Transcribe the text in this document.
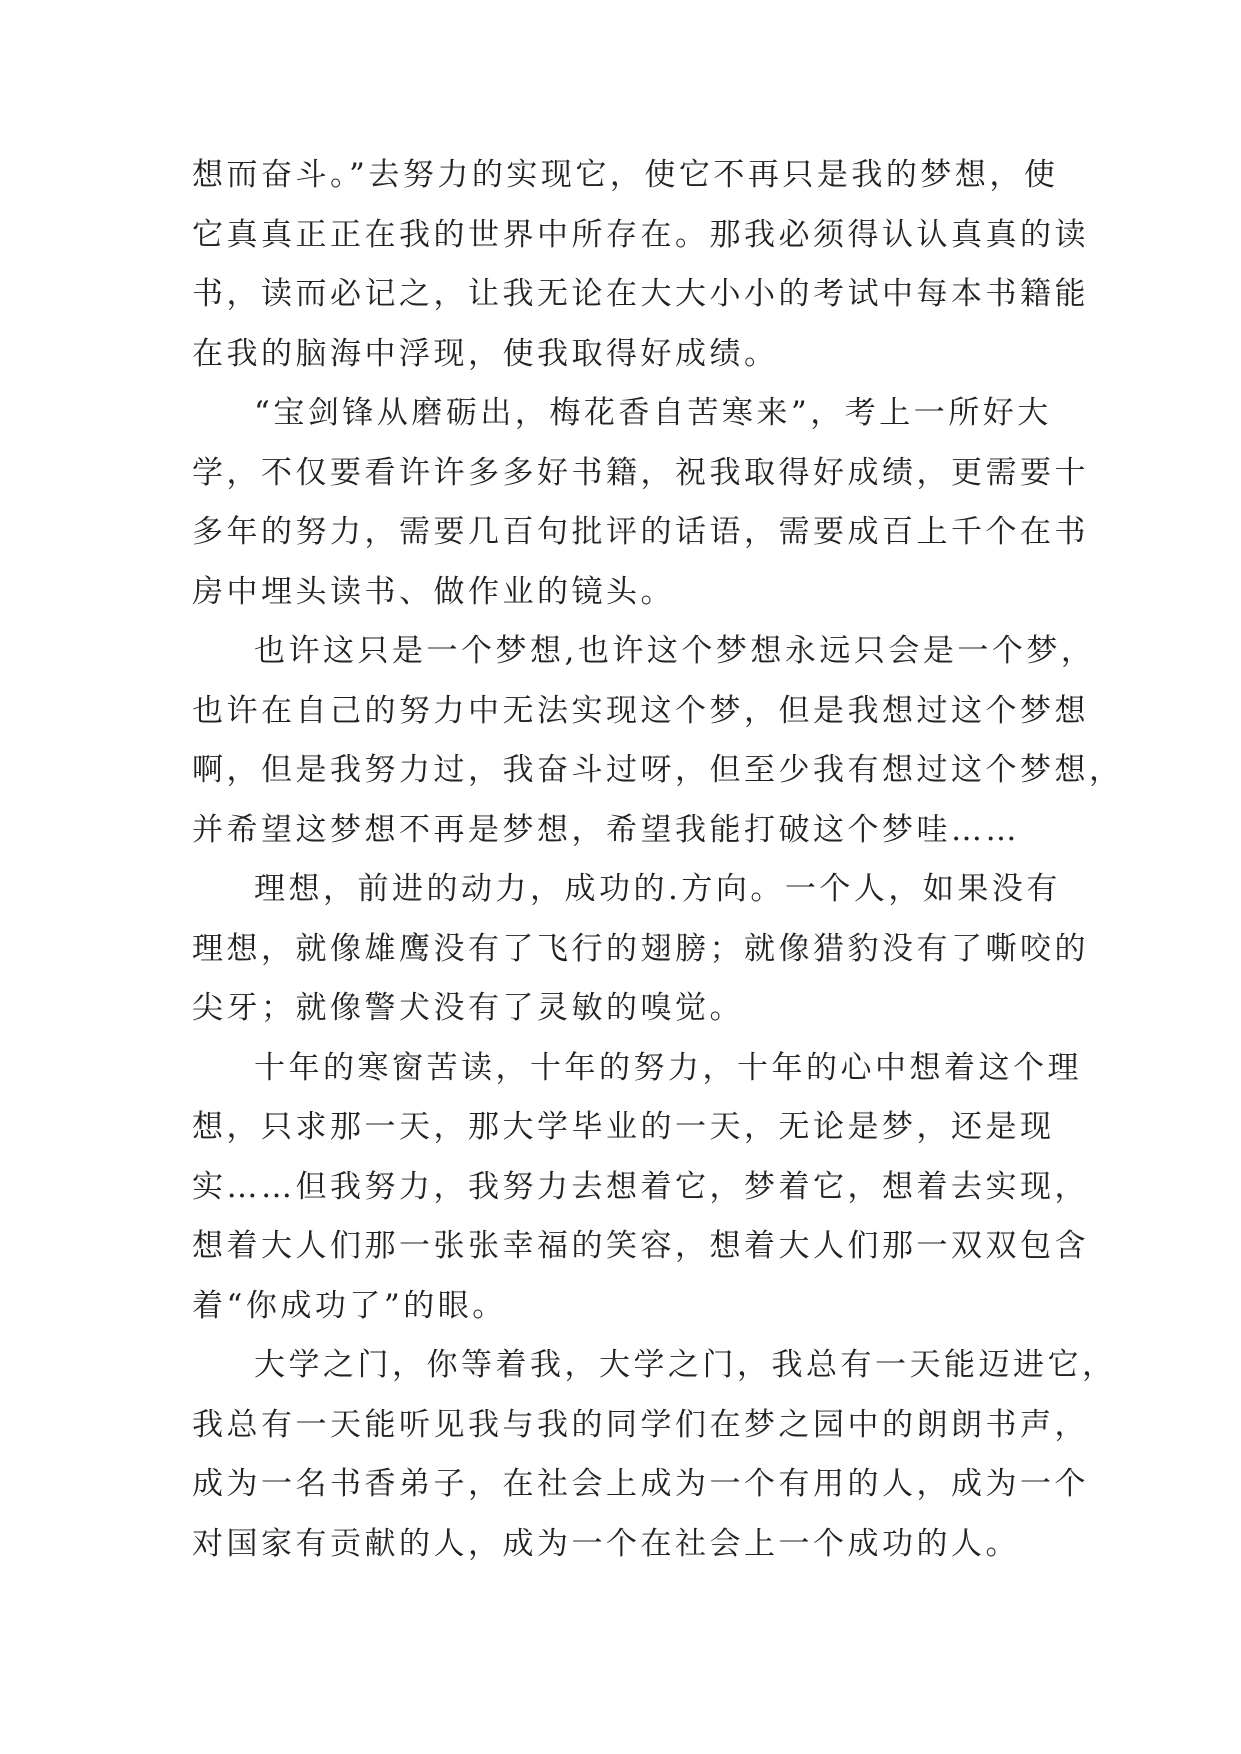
想而奋斗。”去努力的实现它，使它不再只是我的梦想，使
它真真正正在我的世界中所存在。那我必须得认认真真的读
书，读而必记之，让我无论在大大小小的考试中每本书籍能
在我的脑海中浮现，使我取得好成绩。

“宝剑锋从磨砺出，梅花香自苦寒来”，考上一所好大
学，不仅要看许许多多好书籍，祝我取得好成绩，更需要十
多年的努力，需要几百句批评的话语，需要成百上千个在书
房中埋头读书、做作业的镜头。

也许这只是一个梦想,也许这个梦想永远只会是一个梦，
也许在自己的努力中无法实现这个梦，但是我想过这个梦想
啊，但是我努力过，我奋斗过呀，但至少我有想过这个梦想，
并希望这梦想不再是梦想，希望我能打破这个梦哇……

理想，前进的动力，成功的.方向。一个人，如果没有
理想，就像雄鹰没有了飞行的翅膀；就像猎豹没有了嘶咬的
尖牙；就像警犬没有了灵敏的嗅觉。

十年的寒窗苦读，十年的努力，十年的心中想着这个理
想，只求那一天，那大学毕业的一天，无论是梦，还是现
实……但我努力，我努力去想着它，梦着它，想着去实现，
想着大人们那一张张幸福的笑容，想着大人们那一双双包含
着“你成功了”的眼。

大学之门，你等着我，大学之门，我总有一天能迈进它，
我总有一天能听见我与我的同学们在梦之园中的朗朗书声，
成为一名书香弟子，在社会上成为一个有用的人，成为一个
对国家有贡献的人，成为一个在社会上一个成功的人。
